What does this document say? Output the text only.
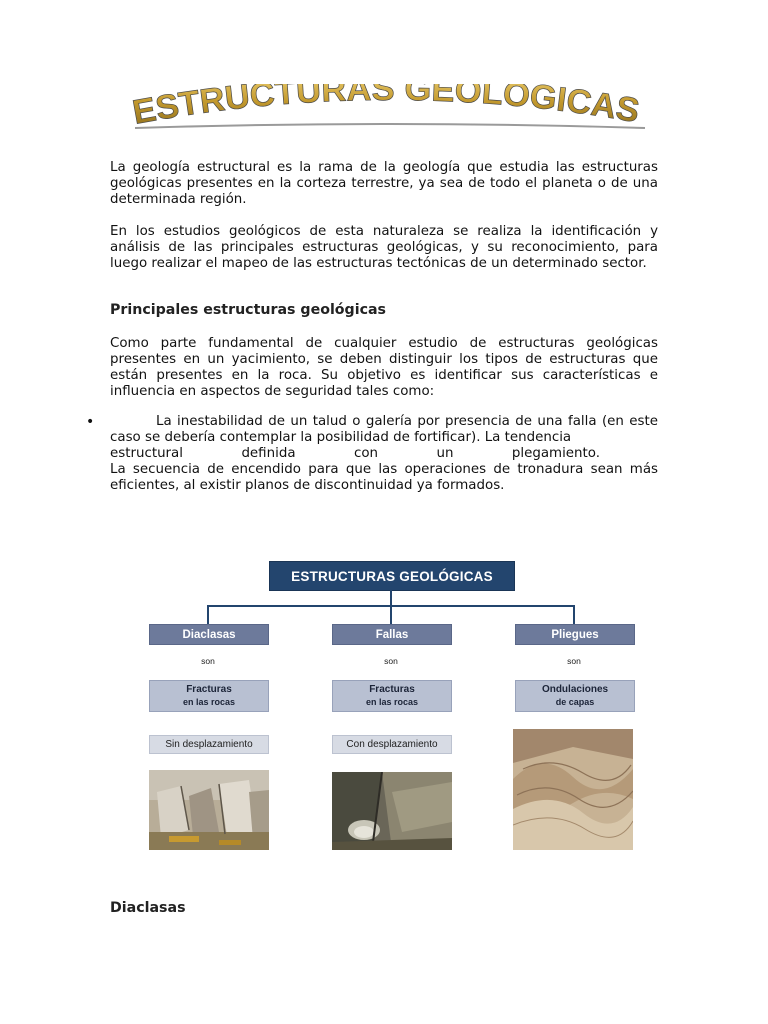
ESTRUCTURAS GEOLÓGICAS
La geología estructural es la rama de la geología que estudia las estructuras geológicas presentes en la corteza terrestre, ya sea de todo el planeta o de una determinada región.
En los estudios geológicos de esta naturaleza se realiza la identificación y análisis de las principales estructuras geológicas, y su reconocimiento, para luego realizar el mapeo de las estructuras tectónicas de un determinado sector.
Principales estructuras geológicas
Como parte fundamental de cualquier estudio de estructuras geológicas presentes en un yacimiento, se deben distinguir los tipos de estructuras que están presentes en la roca. Su objetivo es identificar sus características e influencia en aspectos de seguridad tales como:
•	La inestabilidad de un talud o galería por presencia de una falla (en este caso se debería contemplar la posibilidad de fortificar). La tendencia
estructural	definida	con	un	plegamiento.
La secuencia de encendido para que las operaciones de tronadura sean más eficientes, al existir planos de discontinuidad ya formados.
ESTRUCTURAS GEOLÓGICAS
Diaclasas
son
Fracturas
en las rocas
Sin desplazamiento
Fallas
son
Fracturas
en las rocas
Con desplazamiento
Pliegues
son
Ondulaciones
de capas
Diaclasas
